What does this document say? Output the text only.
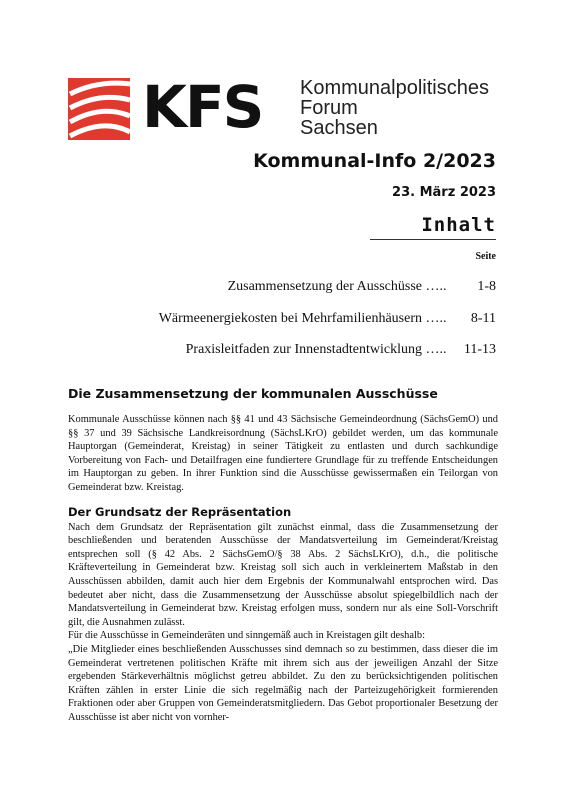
KFS Kommunalpolitisches
Forum
Sachsen
Kommunal-Info 2/2023
23. März 2023
Inhalt
Seite
Zusammensetzung der Ausschüsse ….. 1-8
Wärmeenergiekosten bei Mehrfamilienhäusern ….. 8-11
Praxisleitfaden zur Innenstadtentwicklung ….. 11-13
Die Zusammensetzung der kommunalen Ausschüsse

Kommunale Ausschüsse können nach §§ 41 und 43 Sächsische Gemeindeordnung (SächsGemO) und §§ 37 und 39 Sächsische Landkreisordnung (SächsLKrO) gebildet werden, um das kommunale Hauptorgan (Gemeinderat, Kreistag) in seiner Tätigkeit zu entlasten und durch sachkundige Vorbereitung von Fach- und Detailfragen eine fundiertere Grundlage für zu treffende Entscheidungen im Hauptorgan zu geben. In ihrer Funktion sind die Ausschüsse gewissermaßen ein Teilorgan von Gemeinderat bzw. Kreistag.

Der Grundsatz der Repräsentation

Nach dem Grundsatz der Repräsentation gilt zunächst einmal, dass die Zusammensetzung der beschließenden und beratenden Ausschüsse der Mandatsverteilung im Gemeinderat/Kreistag entsprechen soll (§ 42 Abs. 2 SächsGemO/§ 38 Abs. 2 SächsLKrO), d.h., die politische Kräfteverteilung in Gemeinderat bzw. Kreistag soll sich auch in verkleinertem Maßstab in den Ausschüssen abbilden, damit auch hier dem Ergebnis der Kommunalwahl entsprochen wird. Das bedeutet aber nicht, dass die Zusammensetzung der Ausschüsse absolut spiegelbildlich nach der Mandatsverteilung in Gemeinderat bzw. Kreistag erfolgen muss, sondern nur als eine Soll-Vorschrift gilt, die Ausnahmen zulässt.

Für die Ausschüsse in Gemeinderäten und sinngemäß auch in Kreistagen gilt deshalb:

„Die Mitglieder eines beschließenden Ausschusses sind demnach so zu bestimmen, dass dieser die im Gemeinderat vertretenen politischen Kräfte mit ihrem sich aus der jeweiligen Anzahl der Sitze ergebenden Stärkeverhältnis möglichst getreu abbildet. Zu den zu berücksichtigenden politischen Kräften zählen in erster Linie die sich regelmäßig nach der Parteizugehörigkeit formierenden Fraktionen oder aber Gruppen von Gemeinderatsmitgliedern. Das Gebot proportionaler Besetzung der Ausschüsse ist aber nicht von vornher-
